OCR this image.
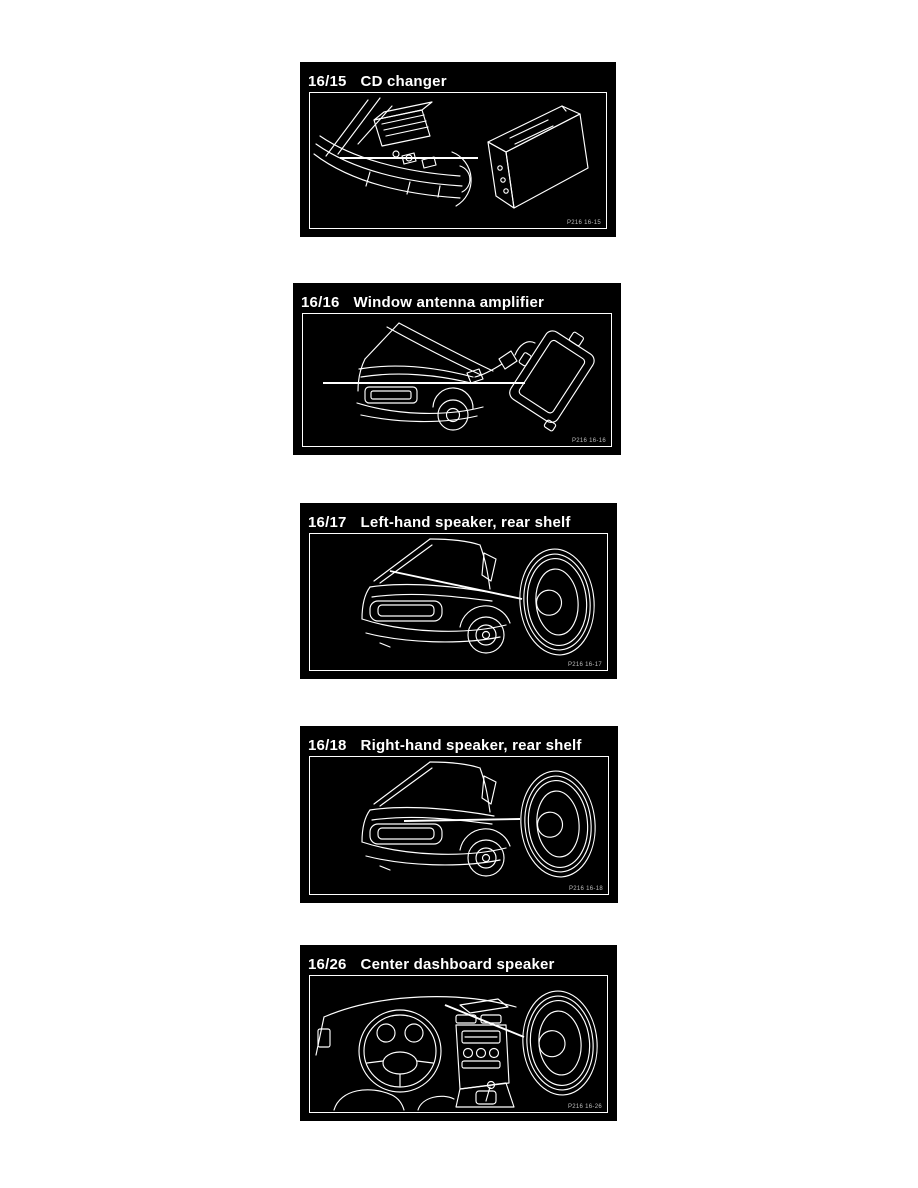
16/15 CD changer
P216 16-15
16/16 Window antenna amplifier
P216 16-16
16/17 Left-hand speaker, rear shelf
P216 16-17
16/18 Right-hand speaker, rear shelf
P216 16-18
16/26 Center dashboard speaker
P216 16-26
